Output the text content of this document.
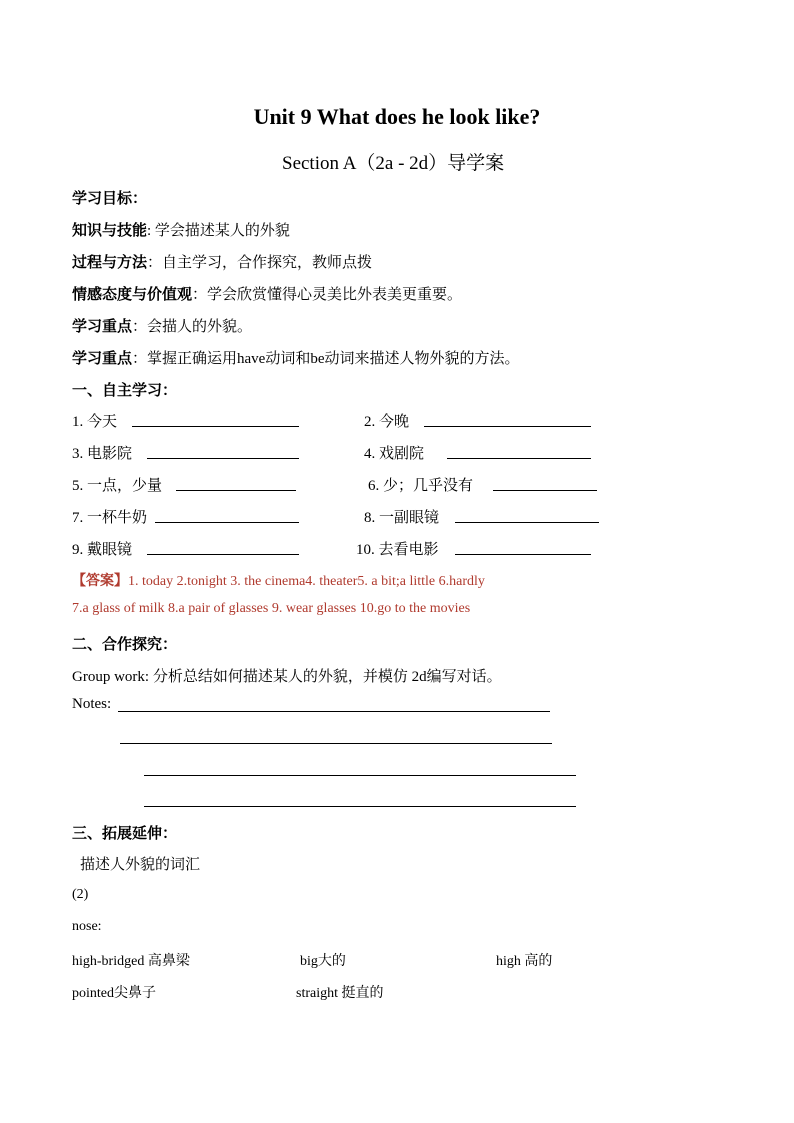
Unit 9 What does he look like?
Section A（2a - 2d）导学案
学习目标：
知识与技能: 学会描述某人的外貌
过程与方法：自主学习，合作探究，教师点拨
情感态度与价值观：学会欣赏懂得心灵美比外表美更重要。
学习重点：会描人的外貌。
学习重点：掌握正确运用have动词和be动词来描述人物外貌的方法。
一、自主学习：
1. 今天	2. 今晚
3. 电影院	4. 戏剧院
5. 一点，少量	6. 少；几乎没有
7. 一杯牛奶	8. 一副眼镜
9. 戴眼镜	10. 去看电影
【答案】1. today 2.tonight 3. the cinema4. theater5. a bit;a little 6.hardly
7.a glass of milk 8.a pair of glasses 9. wear glasses 10.go to the movies
二、合作探究：
Group work: 分析总结如何描述某人的外貌，并模仿 2d编写对话。
Notes:
三、拓展延伸：
描述人外貌的词汇
(2)
nose:
high-bridged 高鼻梁	big大的	high 高的
pointed尖鼻子	straight 挺直的
